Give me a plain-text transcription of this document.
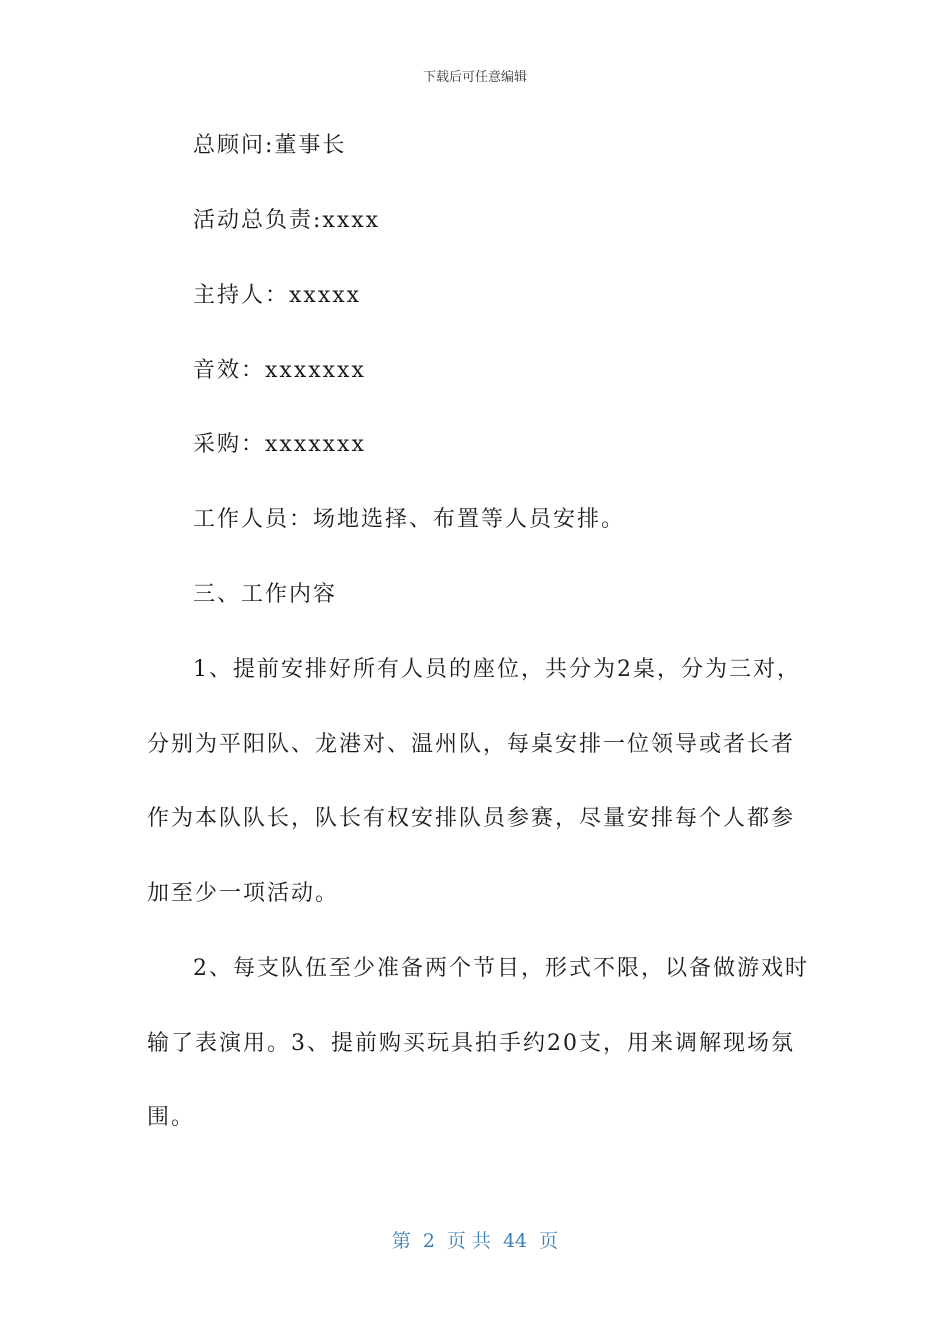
下载后可任意编辑
总顾问:董事长
活动总负责:xxxx
主持人：xxxxx
音效：xxxxxxx
采购：xxxxxxx
工作人员：场地选择、布置等人员安排。
三、工作内容
1、提前安排好所有人员的座位，共分为2桌，分为三对，
分别为平阳队、龙港对、温州队，每桌安排一位领导或者长者
作为本队队长，队长有权安排队员参赛，尽量安排每个人都参
加至少一项活动。
2、每支队伍至少准备两个节目，形式不限，以备做游戏时
输了表演用。3、提前购买玩具拍手约20支，用来调解现场氛
围。
第 2 页 共 44 页
